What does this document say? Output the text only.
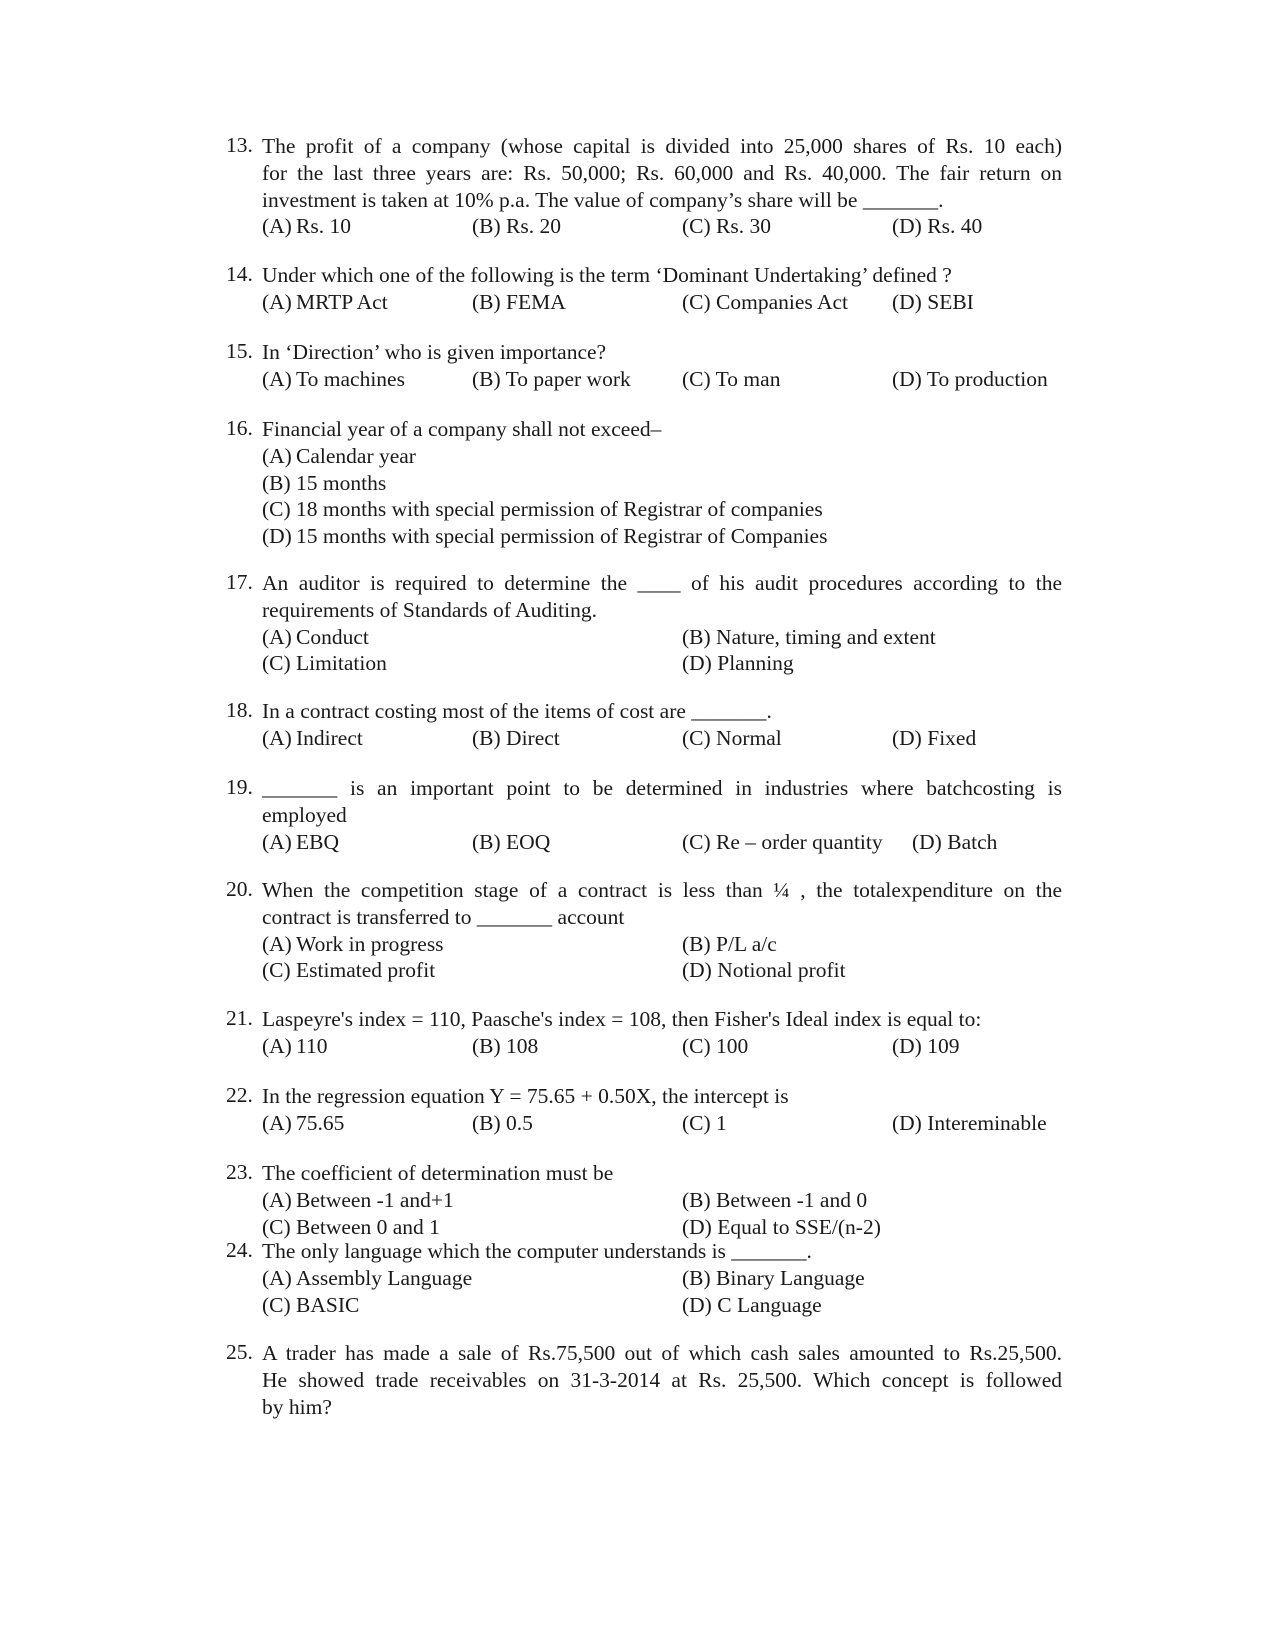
13. The profit of a company (whose capital is divided into 25,000 shares of Rs. 10 each)
for the last three years are: Rs. 50,000; Rs. 60,000 and Rs. 40,000. The fair return on
investment is taken at 10% p.a. The value of company’s share will be _______.
(A) Rs. 10	(B) Rs. 20	(C) Rs. 30	(D) Rs. 40
14. Under which one of the following is the term ‘Dominant Undertaking’ defined ?
(A) MRTP Act	(B) FEMA	(C) Companies Act	(D) SEBI
15. In ‘Direction’ who is given importance?
(A) To machines	(B) To paper work	(C) To man	(D) To production
16. Financial year of a company shall not exceed–
(A) Calendar year
(B) 15 months
(C) 18 months with special permission of Registrar of companies
(D) 15 months with special permission of Registrar of Companies
17. An auditor is required to determine the ____ of his audit procedures according to the
requirements of Standards of Auditing.
(A) Conduct	(B) Nature, timing and extent
(C) Limitation	(D) Planning
18. In a contract costing most of the items of cost are _______.
(A) Indirect	(B) Direct	(C) Normal	(D) Fixed
19. _______ is an important point to be determined in industries where batchcosting is
employed
(A) EBQ	(B) EOQ	(C) Re – order quantity	(D) Batch
20. When the competition stage of a contract is less than ¼ , the totalexpenditure on the
contract is transferred to _______ account
(A) Work in progress	(B) P/L a/c
(C) Estimated profit	(D) Notional profit
21. Laspeyre's index = 110, Paasche's index = 108, then Fisher's Ideal index is equal to:
(A) 110	(B) 108	(C) 100	(D) 109
22. In the regression equation Y = 75.65 + 0.50X, the intercept is
(A) 75.65	(B) 0.5	(C) 1	(D) Intereminable
23. The coefficient of determination must be
(A) Between -1 and+1	(B) Between -1 and 0
(C) Between 0 and 1	(D) Equal to SSE/(n-2)
24. The only language which the computer understands is _______.
(A) Assembly Language	(B) Binary Language
(C) BASIC	(D) C Language
25. A trader has made a sale of Rs.75,500 out of which cash sales amounted to Rs.25,500.
He showed trade receivables on 31-3-2014 at Rs. 25,500. Which concept is followed
by him?
